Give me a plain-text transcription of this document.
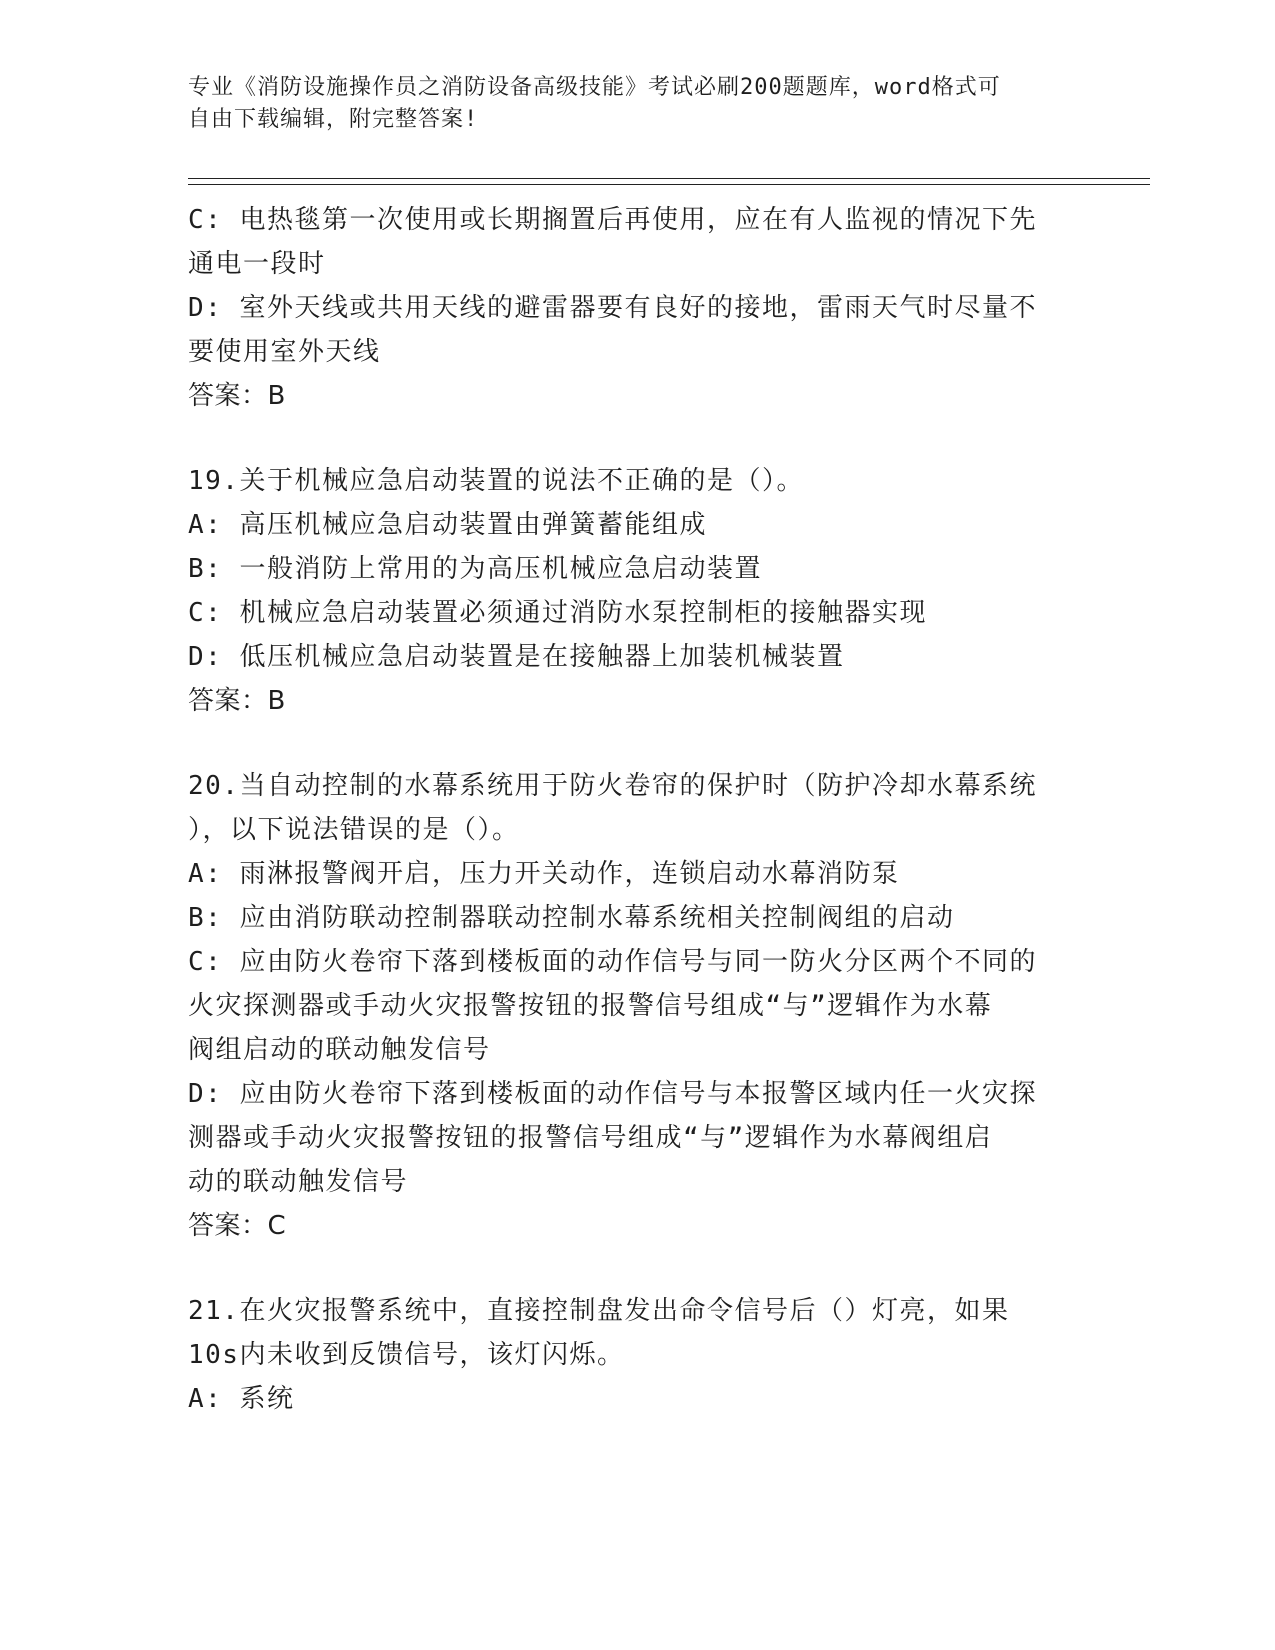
专业《消防设施操作员之消防设备高级技能》考试必刷200题题库，word格式可
自由下载编辑，附完整答案!
C: 电热毯第一次使用或长期搁置后再使用，应在有人监视的情况下先
通电一段时
D: 室外天线或共用天线的避雷器要有良好的接地，雷雨天气时尽量不
要使用室外天线
答案：B
19.关于机械应急启动装置的说法不正确的是（）。
A: 高压机械应急启动装置由弹簧蓄能组成
B: 一般消防上常用的为高压机械应急启动装置
C: 机械应急启动装置必须通过消防水泵控制柜的接触器实现
D: 低压机械应急启动装置是在接触器上加装机械装置
答案：B
20.当自动控制的水幕系统用于防火卷帘的保护时（防护冷却水幕系统
），以下说法错误的是（）。
A: 雨淋报警阀开启，压力开关动作，连锁启动水幕消防泵
B: 应由消防联动控制器联动控制水幕系统相关控制阀组的启动
C: 应由防火卷帘下落到楼板面的动作信号与同一防火分区两个不同的
火灾探测器或手动火灾报警按钮的报警信号组成“与”逻辑作为水幕
阀组启动的联动触发信号
D: 应由防火卷帘下落到楼板面的动作信号与本报警区域内任一火灾探
测器或手动火灾报警按钮的报警信号组成“与”逻辑作为水幕阀组启
动的联动触发信号
答案：C
21.在火灾报警系统中，直接控制盘发出命令信号后（）灯亮，如果
10s内未收到反馈信号，该灯闪烁。
A: 系统
